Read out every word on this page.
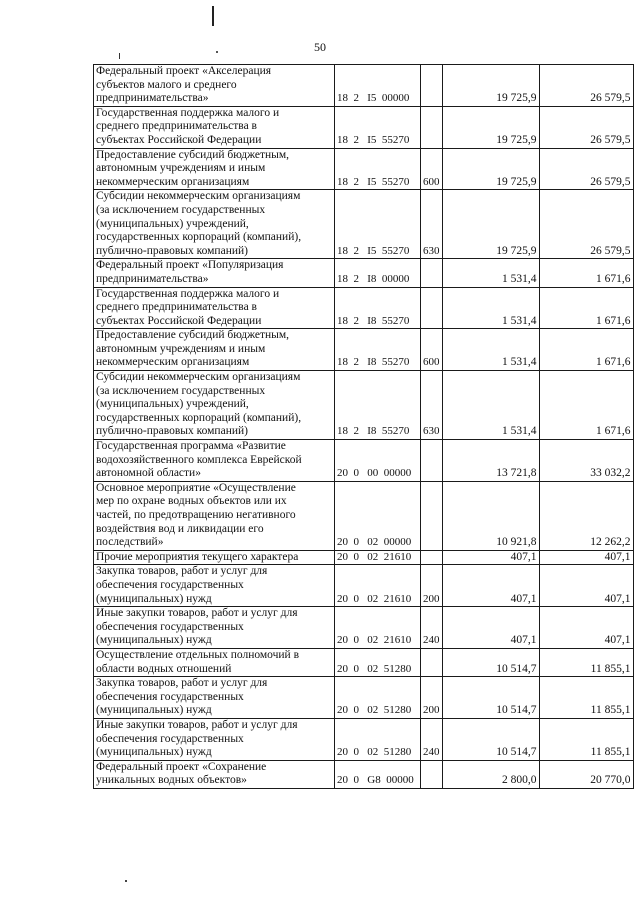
50
Федеральный проект «Акселерация
субъектов малого и среднего
предпринимательства»	18  2   I5  00000		19 725,9	26 579,5
Государственная поддержка малого и
среднего предпринимательства в
субъектах Российской Федерации	18  2   I5  55270		19 725,9	26 579,5
Предоставление субсидий бюджетным,
автономным учреждениям и иным
некоммерческим организациям	18  2   I5  55270	600	19 725,9	26 579,5
Субсидии некоммерческим организациям
(за исключением государственных
(муниципальных) учреждений,
государственных корпораций (компаний),
публично-правовых компаний)	18  2   I5  55270	630	19 725,9	26 579,5
Федеральный проект «Популяризация
предпринимательства»	18  2   I8  00000		1 531,4	1 671,6
Государственная поддержка малого и
среднего предпринимательства в
субъектах Российской Федерации	18  2   I8  55270		1 531,4	1 671,6
Предоставление субсидий бюджетным,
автономным учреждениям и иным
некоммерческим организациям	18  2   I8  55270	600	1 531,4	1 671,6
Субсидии некоммерческим организациям
(за исключением государственных
(муниципальных) учреждений,
государственных корпораций (компаний),
публично-правовых компаний)	18  2   I8  55270	630	1 531,4	1 671,6
Государственная программа «Развитие
водохозяйственного комплекса Еврейской
автономной области»	20  0   00  00000		13 721,8	33 032,2
Основное мероприятие «Осуществление
мер по охране водных объектов или их
частей, по предотвращению негативного
воздействия вод и ликвидации его
последствий»	20  0   02  00000		10 921,8	12 262,2
Прочие мероприятия текущего характера	20  0   02  21610		407,1	407,1
Закупка товаров, работ и услуг для
обеспечения государственных
(муниципальных) нужд	20  0   02  21610	200	407,1	407,1
Иные закупки товаров, работ и услуг для
обеспечения государственных
(муниципальных) нужд	20  0   02  21610	240	407,1	407,1
Осуществление отдельных полномочий в
области водных отношений	20  0   02  51280		10 514,7	11 855,1
Закупка товаров, работ и услуг для
обеспечения государственных
(муниципальных) нужд	20  0   02  51280	200	10 514,7	11 855,1
Иные закупки товаров, работ и услуг для
обеспечения государственных
(муниципальных) нужд	20  0   02  51280	240	10 514,7	11 855,1
Федеральный проект «Сохранение
уникальных водных объектов»	20  0   G8  00000		2 800,0	20 770,0
